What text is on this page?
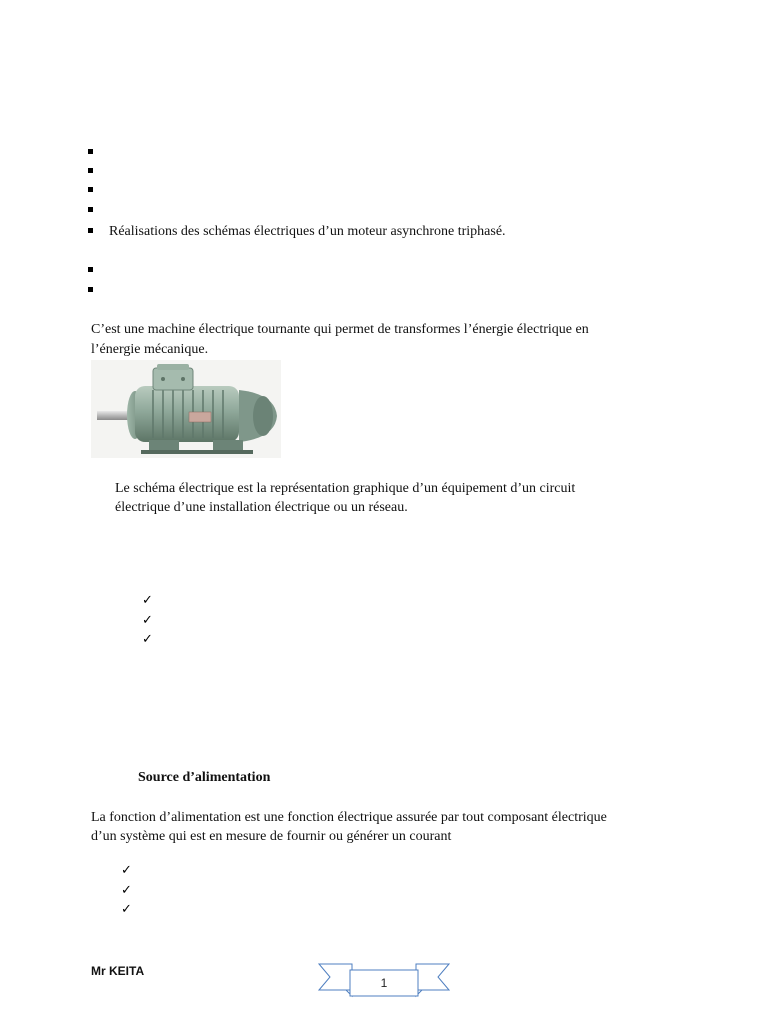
Réalisations des schémas électriques d’un moteur asynchrone triphasé.
C’est une machine électrique tournante qui permet de transformes l’énergie électrique en
l’énergie mécanique.
Le schéma électrique est la représentation graphique d’un équipement d’un circuit
électrique d’une installation électrique ou un réseau.
✓
✓
✓
Source d’alimentation
La fonction d’alimentation est une fonction électrique assurée par tout composant électrique
d’un système qui est en mesure de fournir ou générer un courant
✓
✓
✓
Mr KEITA
1
